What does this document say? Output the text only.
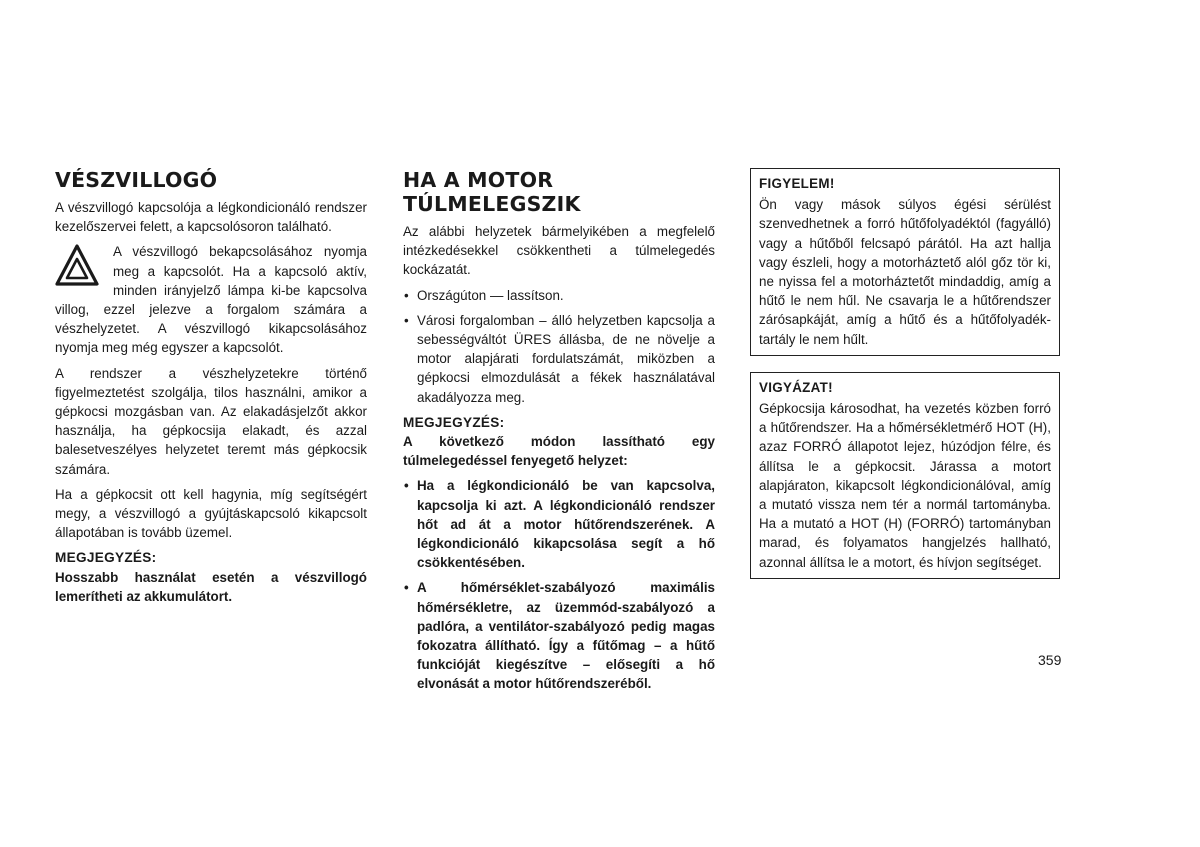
VÉSZVILLOGÓ

A vészvillogó kapcsolója a légkondicionáló rendszer kezelőszervei felett, a kapcsolósoron található.

A vészvillogó bekapcsolásához nyomja meg a kapcsolót. Ha a kapcsoló aktív, minden irányjelző lámpa ki-be kapcsolva villog, ezzel jelezve a forgalom számára a vészhelyzetet. A vészvillogó kikapcsolásához nyomja meg még egyszer a kapcsolót.

A rendszer a vészhelyzetekre történő figyelmeztetést szolgálja, tilos használni, amikor a gépkocsi mozgásban van. Az elakadásjelzőt akkor használja, ha gépkocsija elakadt, és azzal balesetveszélyes helyzetet teremt más gépkocsik számára.

Ha a gépkocsit ott kell hagynia, míg segítségért megy, a vészvillogó a gyújtáskapcsoló kikapcsolt állapotában is tovább üzemel.

MEGJEGYZÉS:
Hosszabb használat esetén a vészvillogó lemerítheti az akkumulátort.
HA A MOTOR TÚLMELEGSZIK

Az alábbi helyzetek bármelyikében a megfelelő intézkedésekkel csökkentheti a túlmelegedés kockázatát.

• Országúton — lassítson.
• Városi forgalomban – álló helyzetben kapcsolja a sebességváltót ÜRES állásba, de ne növelje a motor alapjárati fordulatszámát, miközben a gépkocsi elmozdulását a fékek használatával akadályozza meg.
MEGJEGYZÉS:
A következő módon lassítható egy túlmelegedéssel fenyegető helyzet:
• Ha a légkondicionáló be van kapcsolva, kapcsolja ki azt. A légkondicionáló rendszer hőt ad át a motor hűtőrendszerének. A légkondicionáló kikapcsolása segít a hő csökkentésében.
• A hőmérséklet-szabályozó maximális hőmérsékletre, az üzemmód-szabályozó a padlóra, a ventilátor-szabályozó pedig magas fokozatra állítható. Így a fűtőmag – a hűtő funkcióját kiegészítve – elősegíti a hő elvonását a motor hűtőrendszeréből.
FIGYELEM!

Ön vagy mások súlyos égési sérülést szenvedhetnek a forró hűtőfolyadéktól (fagyálló) vagy a hűtőből felcsapó párától. Ha azt hallja vagy észleli, hogy a motorháztető alól gőz tör ki, ne nyissa fel a motorháztetőt mindaddig, amíg a hűtő le nem hűl. Ne csavarja le a hűtőrendszer zárósapkáját, amíg a hűtő és a hűtőfolyadék-tartály le nem hűlt.

VIGYÁZAT!

Gépkocsija károsodhat, ha vezetés közben forró a hűtőrendszer. Ha a hőmérsékletmérő HOT (H), azaz FORRÓ állapotot lejez, húzódjon félre, és állítsa le a gépkocsit. Járassa a motort alapjáraton, kikapcsolt légkondicionálóval, amíg a mutató vissza nem tér a normál tartományba. Ha a mutató a HOT (H) (FORRÓ) tartományban marad, és folyamatos hangjelzés hallható, azonnal állítsa le a motort, és hívjon segítséget.

359
